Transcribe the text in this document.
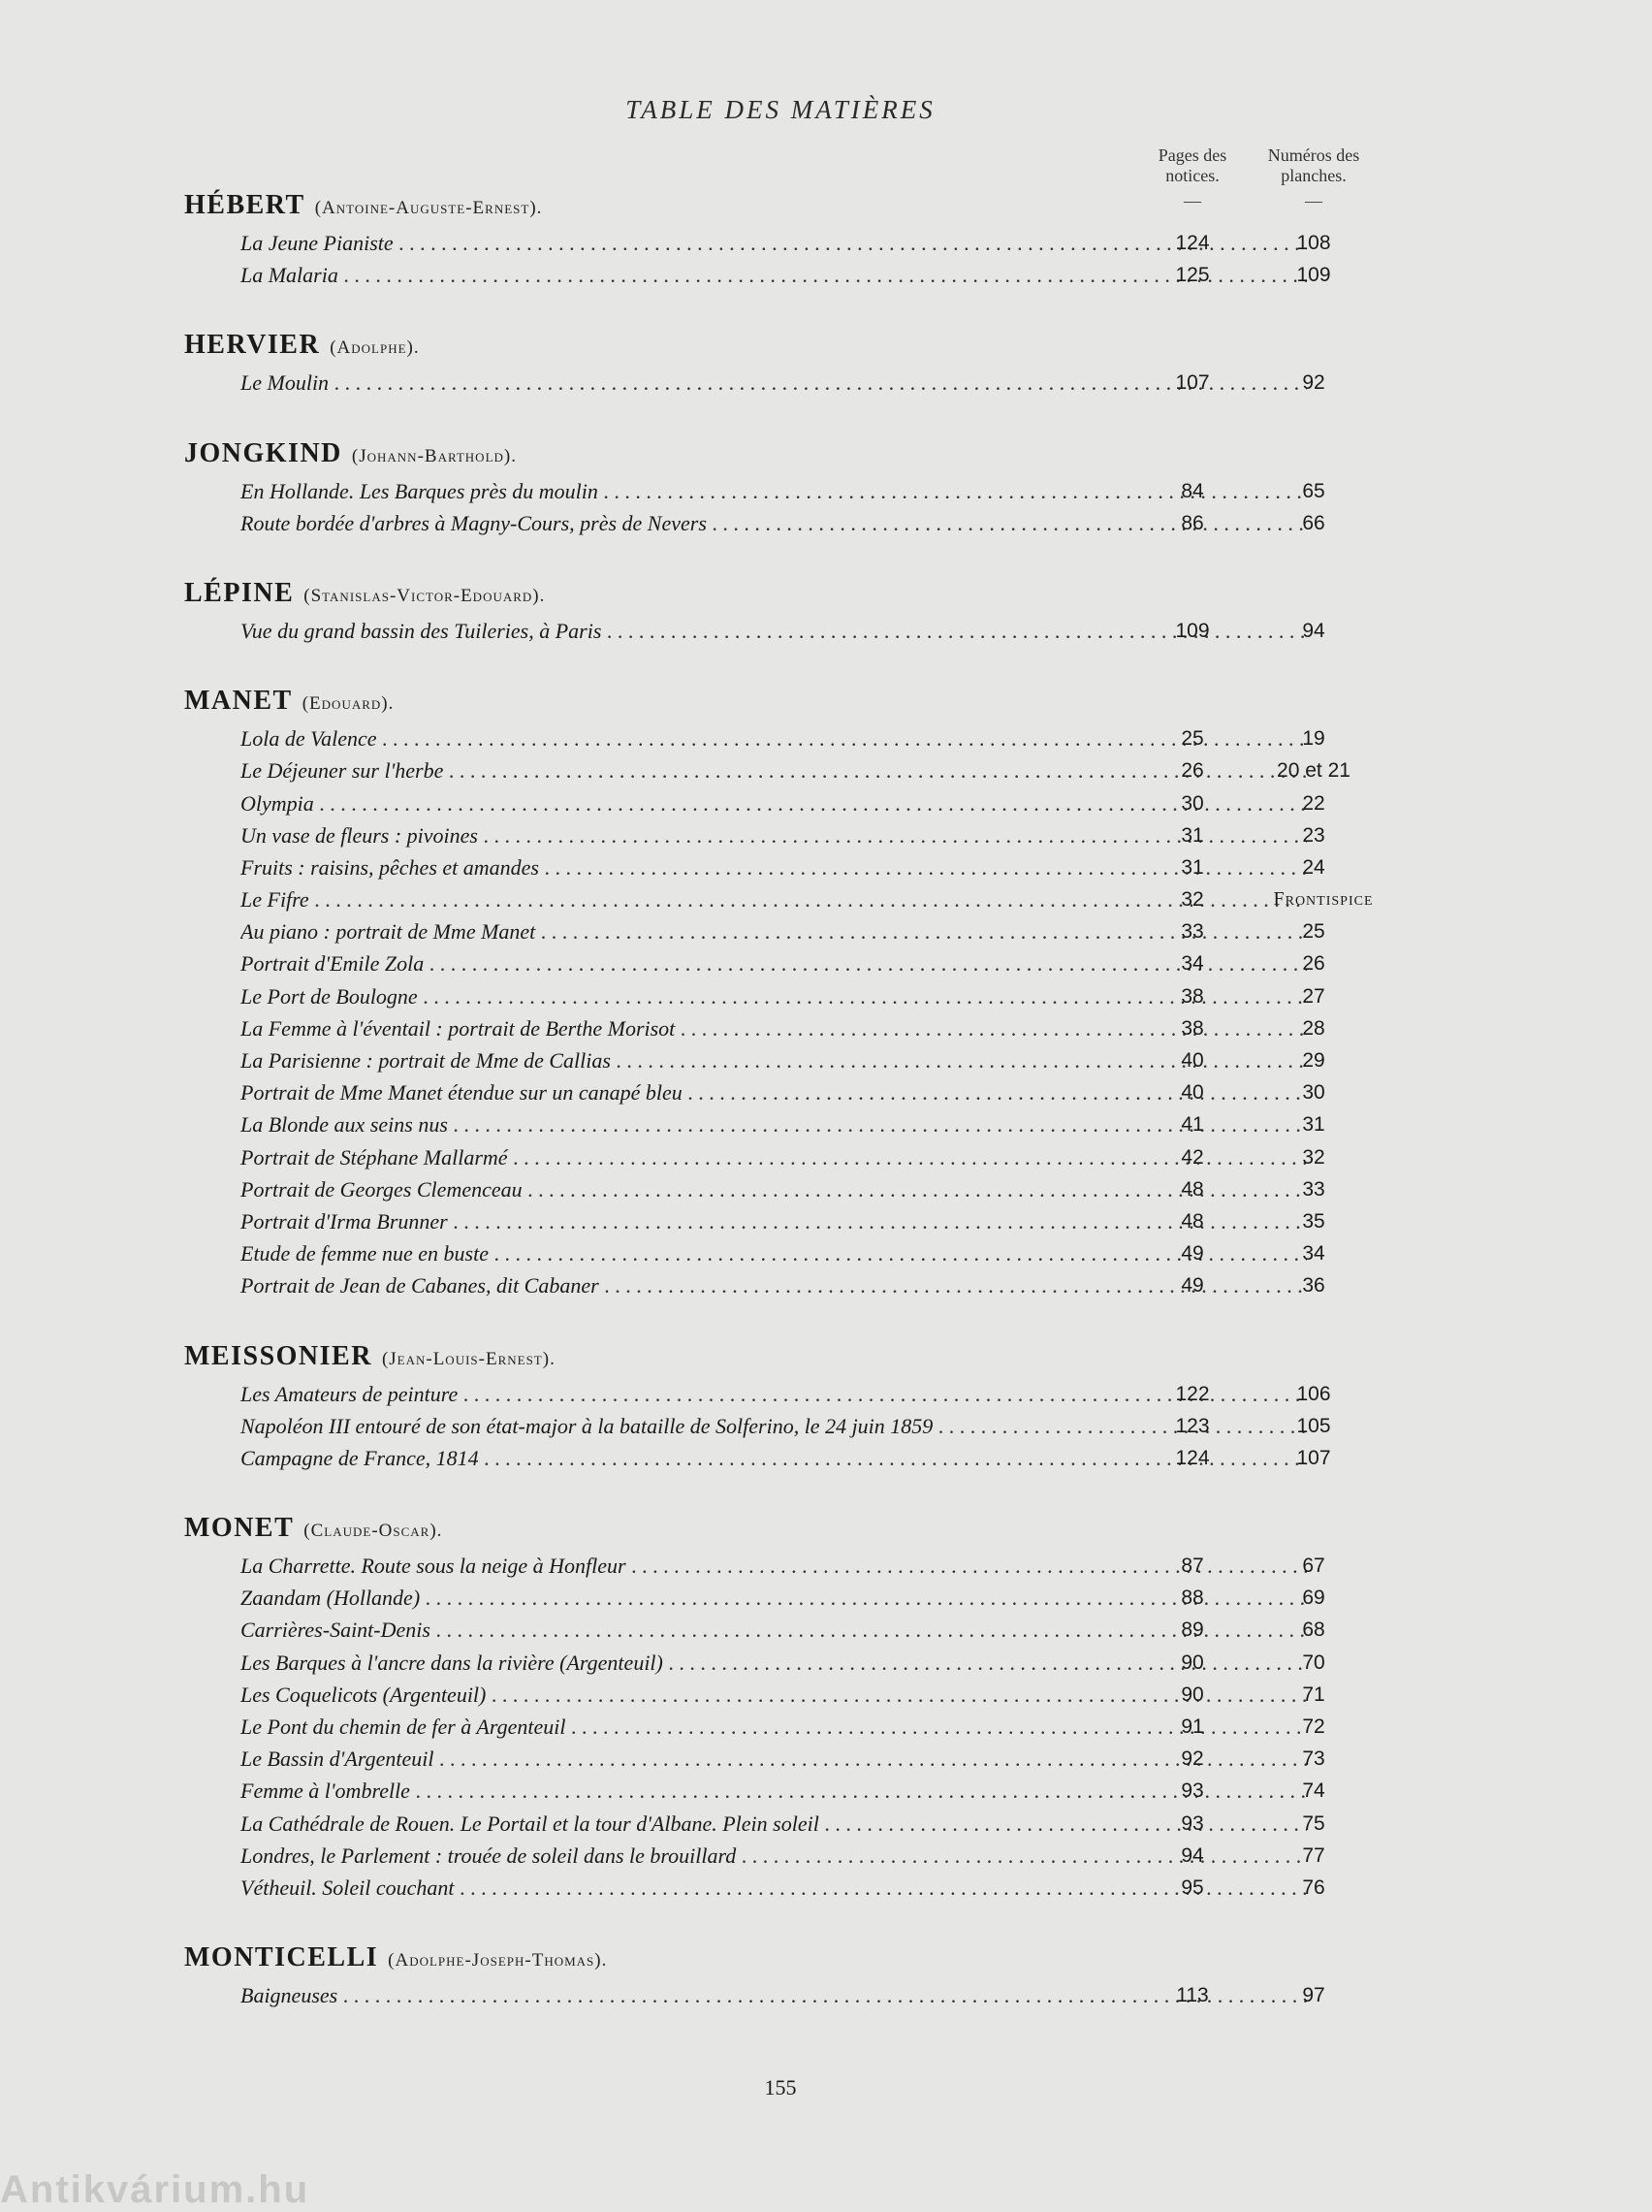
TABLE DES MATIÈRES
Pages des
notices.
—
Numéros des
planches.
—
HÉBERT (Antoine-Auguste-Ernest).
La Jeune Pianiste . . .	124	108
La Malaria . . .	125	109
HERVIER (Adolphe).
Le Moulin . . .	107	92
JONGKIND (Johann-Barthold).
En Hollande. Les Barques près du moulin . . .	84	65
Route bordée d'arbres à Magny-Cours, près de Nevers . . .	86	66
LÉPINE (Stanislas-Victor-Edouard).
Vue du grand bassin des Tuileries, à Paris . . .	109	94
MANET (Edouard).
Lola de Valence . . .	25	19
Le Déjeuner sur l'herbe . . .	26	20 et 21
Olympia . . .	30	22
Un vase de fleurs : pivoines . . .	31	23
Fruits : raisins, pêches et amandes . . .	31	24
Le Fifre . . .	32	Frontispice
Au piano : portrait de Mme Manet . . .	33	25
Portrait d'Emile Zola . . .	34	26
Le Port de Boulogne . . .	38	27
La Femme à l'éventail : portrait de Berthe Morisot . . .	38	28
La Parisienne : portrait de Mme de Callias . . .	40	29
Portrait de Mme Manet étendue sur un canapé bleu . . .	40	30
La Blonde aux seins nus . . .	41	31
Portrait de Stéphane Mallarmé . . .	42	32
Portrait de Georges Clemenceau . . .	48	33
Portrait d'Irma Brunner . . .	48	35
Etude de femme nue en buste . . .	49	34
Portrait de Jean de Cabanes, dit Cabaner . . .	49	36
MEISSONIER (Jean-Louis-Ernest).
Les Amateurs de peinture . . .	122	106
Napoléon III entouré de son état-major à la bataille de Solferino, le 24 juin 1859 . . .	123	105
Campagne de France, 1814 . . .	124	107
MONET (Claude-Oscar).
La Charrette. Route sous la neige à Honfleur . . .	87	67
Zaandam (Hollande) . . .	88	69
Carrières-Saint-Denis . . .	89	68
Les Barques à l'ancre dans la rivière (Argenteuil) . . .	90	70
Les Coquelicots (Argenteuil) . . .	90	71
Le Pont du chemin de fer à Argenteuil . . .	91	72
Le Bassin d'Argenteuil . . .	92	73
Femme à l'ombrelle . . .	93	74
La Cathédrale de Rouen. Le Portail et la tour d'Albane. Plein soleil . . .	93	75
Londres, le Parlement : trouée de soleil dans le brouillard . . .	94	77
Vétheuil. Soleil couchant . . .	95	76
MONTICELLI (Adolphe-Joseph-Thomas).
Baigneuses . . .	113	97
155
Antikvárium.hu
